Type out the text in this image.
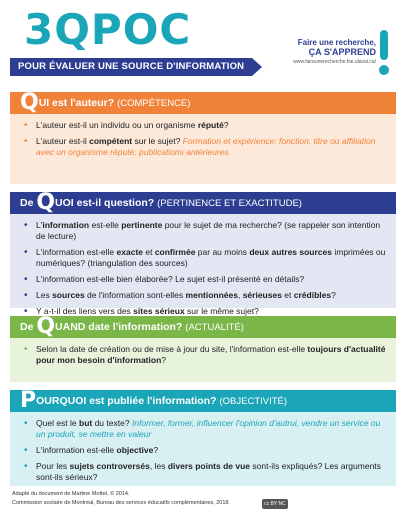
3QPOC
POUR ÉVALUER UNE SOURCE D'INFORMATION
Faire une recherche,
ÇA S'APPREND
www.faireunerecherche.fse.ulaval.ca/
QUI est l'auteur? (COMPÉTENCE)
• L'auteur est-il un individu ou un organisme réputé?
• L'auteur est-il compétent sur le sujet? Formation et expérience; fonction, titre ou affiliation avec un organisme réputé; publications antérieures
De QUOI est-il question? (PERTINENCE ET EXACTITUDE)
• L'information est-elle pertinente pour le sujet de ma recherche? (se rappeler son intention de lecture)
• L'information est-elle exacte et confirmée par au moins deux autres sources imprimées ou numériques? (triangulation des sources)
• L'information est-elle bien élaborée? Le sujet est-il présenté en détails?
• Les sources de l'information sont-elles mentionnées, sérieuses et crédibles?
• Y a-t-il des liens vers des sites sérieux sur le même sujet?
De QUAND date l'information? (ACTUALITÉ)
• Selon la date de création ou de mise à jour du site, l'information est-elle toujours d'actualité pour mon besoin d'information?
POURQUOI est publiée l'information? (OBJECTIVITÉ)
• Quel est le but du texte? Informer, former, influencer l'opinion d'autrui, vendre un service ou un produit, se mettre en valeur
• L'information est-elle objective?
• Pour les sujets controversés, les divers points de vue sont-ils expliqués? Les arguments sont-ils sérieux?
Adapté du document de Martine Mottet, © 2014.
Commission scolaire de Montréal, Bureau des services éducatifs complémentaires, 2018.	cc BY NC SA
